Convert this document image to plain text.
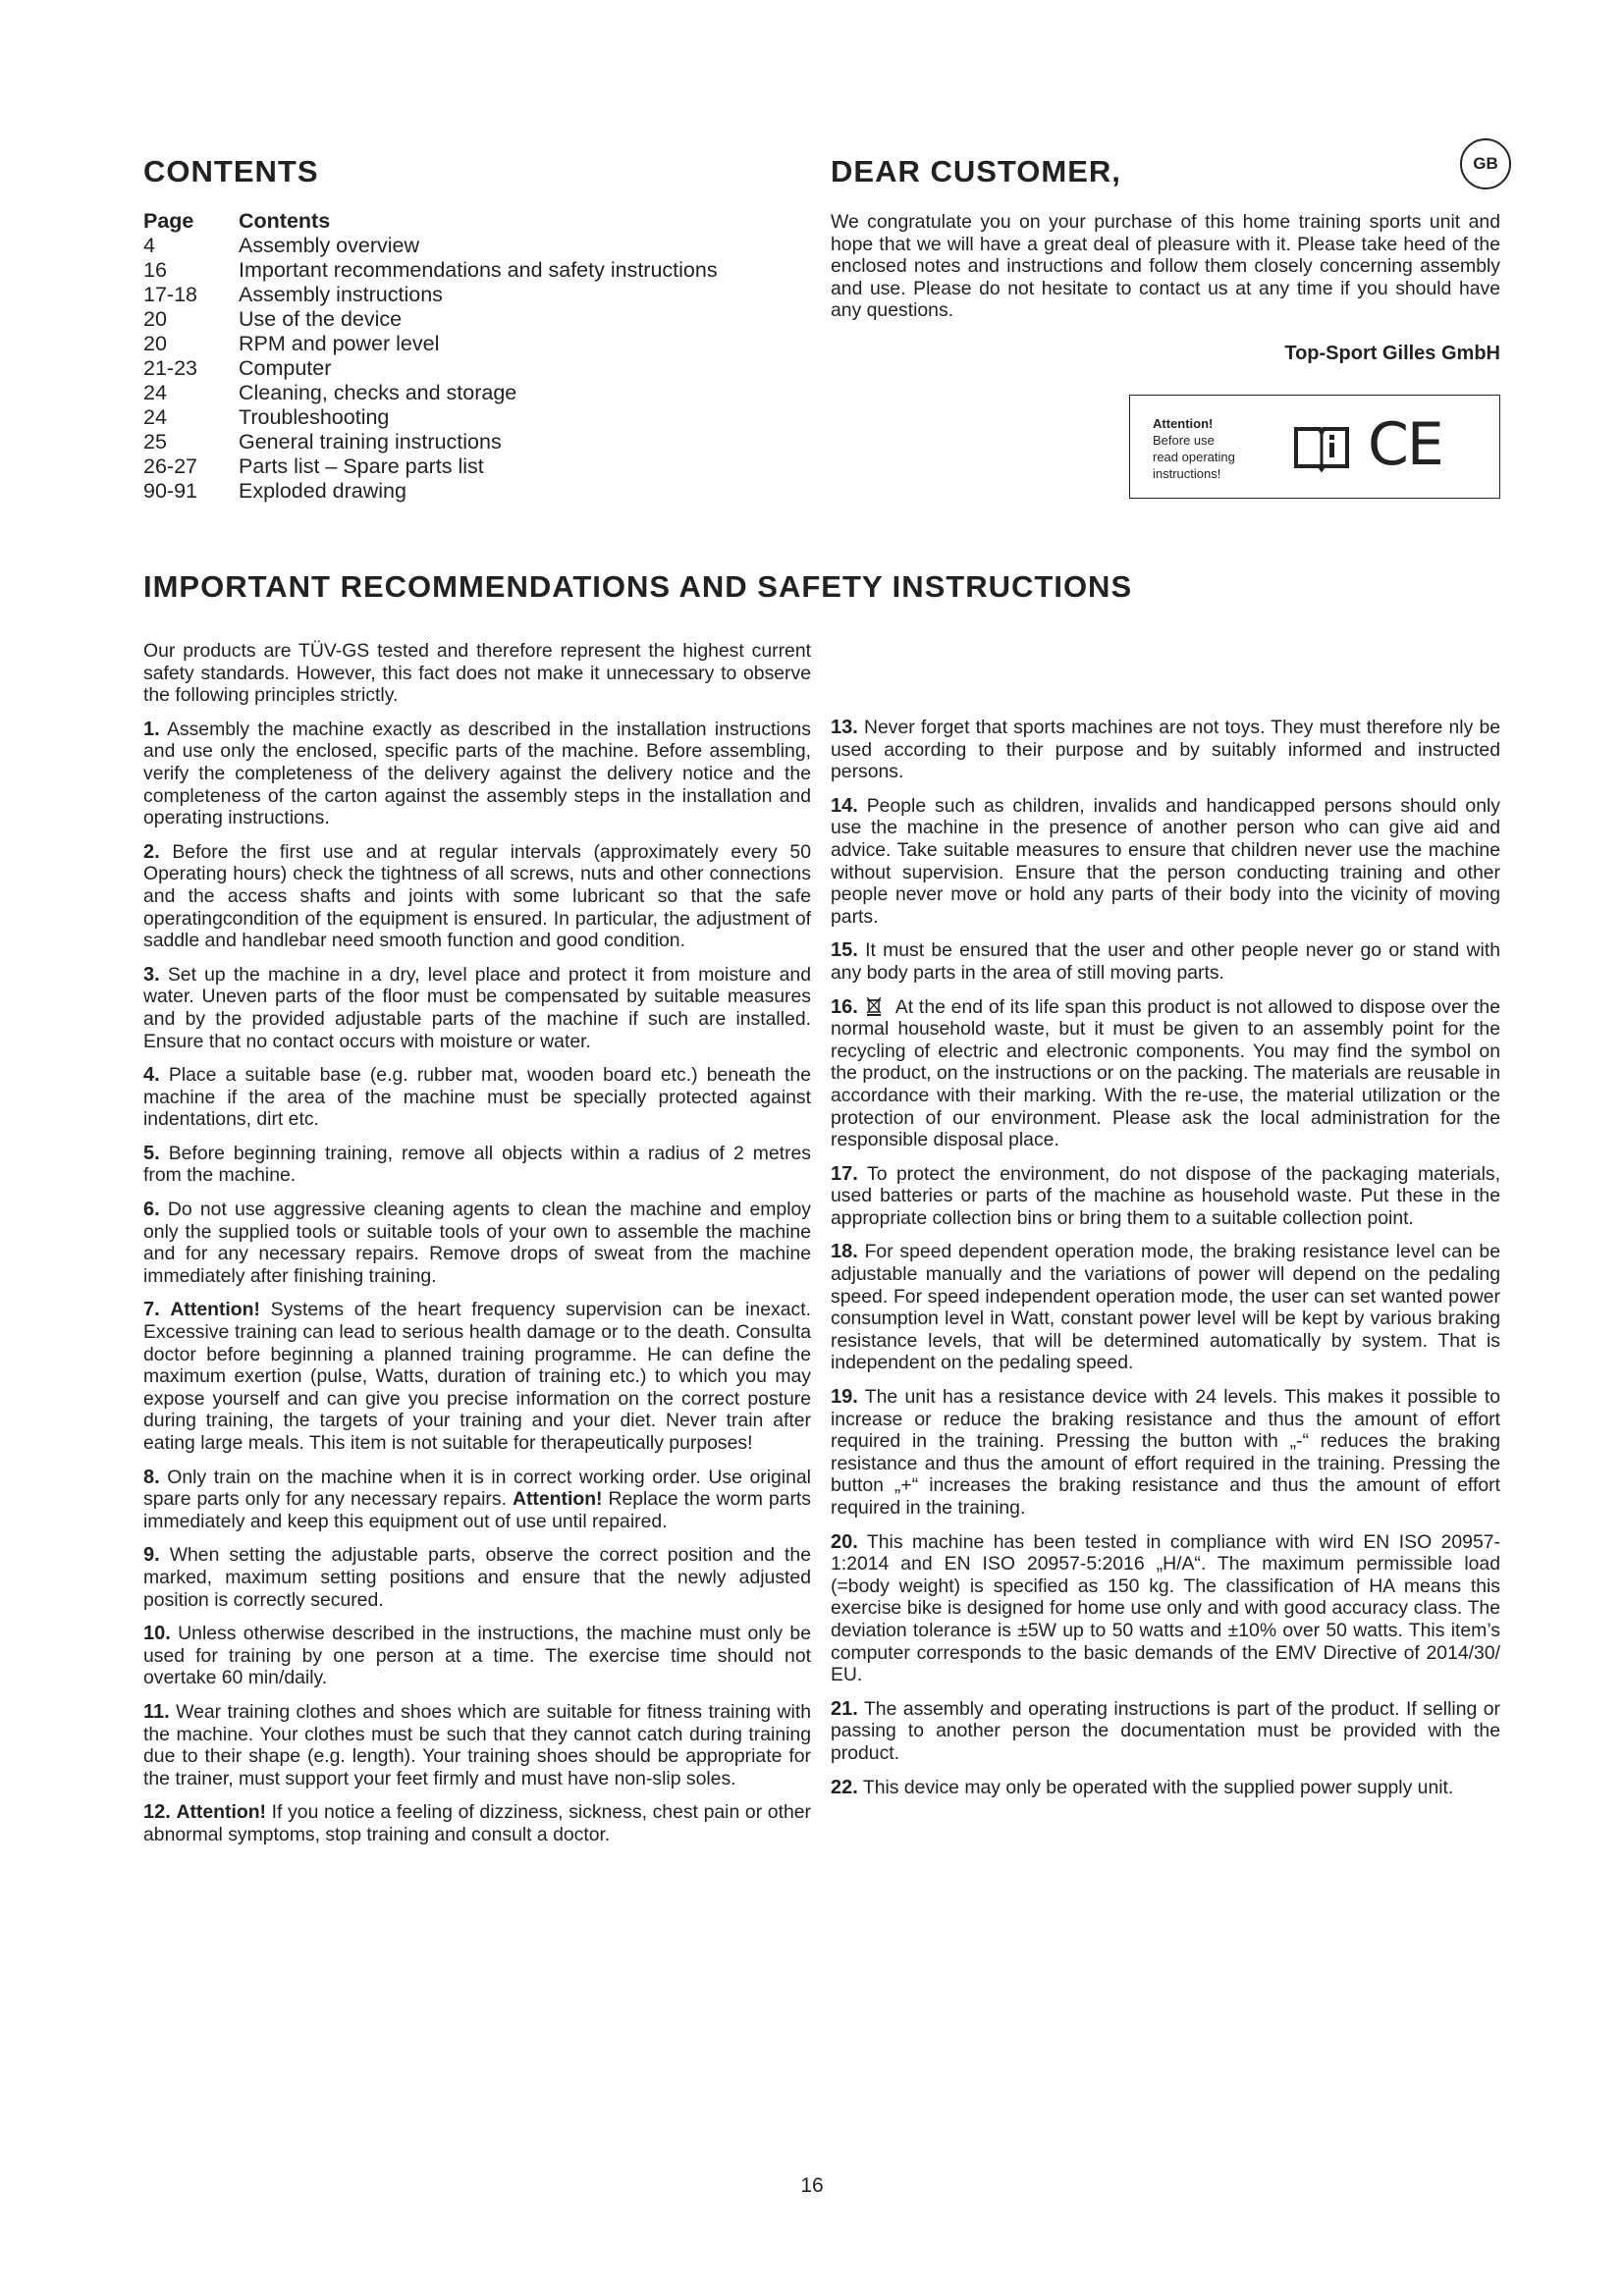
CONTENTS	DEAR CUSTOMER,	GB
Page	Contents
4	Assembly overview
16	Important recommendations and safety instructions
17-18	Assembly instructions
20	Use of the device
20	RPM and power level
21-23	Computer
24	Cleaning, checks and storage
24	Troubleshooting
25	General training instructions
26-27	Parts list – Spare parts list
90-91	Exploded drawing

We congratulate you on your purchase of this home training sports unit and hope that we will have a great deal of pleasure with it. Please take heed of the enclosed notes and instructions and follow them closely concerning assembly and use. Please do not hesitate to contact us at any time if you should have any questions.

Top-Sport Gilles GmbH
Attention!
Before use
read operating
instructions! CE
IMPORTANT RECOMMENDATIONS AND SAFETY INSTRUCTIONS

Our products are TÜV-GS tested and therefore represent the highest current safety standards. However, this fact does not make it unnecessary to observe the following principles strictly.

1. Assembly the machine exactly as described in the installation instructions and use only the enclosed, specific parts of the machine. Before assembling, verify the completeness of the delivery against the delivery notice and the completeness of the carton against the assembly steps in the installation and operating instructions.

2. Before the first use and at regular intervals (approximately every 50 Operating hours) check the tightness of all screws, nuts and other connections and the access shafts and joints with some lubricant so that the safe operatingcondition of the equipment is ensured. In particular, the adjustment of saddle and handlebar need smooth function and good condition.

3. Set up the machine in a dry, level place and protect it from moisture and water. Uneven parts of the floor must be compensated by suitable measures and by the provided adjustable parts of the machine if such are installed. Ensure that no contact occurs with moisture or water.

4. Place a suitable base (e.g. rubber mat, wooden board etc.) beneath the machine if the area of the machine must be specially protected against indentations, dirt etc.

5. Before beginning training, remove all objects within a radius of 2 metres from the machine.

6. Do not use aggressive cleaning agents to clean the machine and employ only the supplied tools or suitable tools of your own to assemble the machine and for any necessary repairs. Remove drops of sweat from the machine immediately after finishing training.

7. Attention! Systems of the heart frequency supervision can be inexact. Excessive training can lead to serious health damage or to the death. Consulta doctor before beginning a planned training programme. He can define the maximum exertion (pulse, Watts, duration of training etc.) to which you may expose yourself and can give you precise information on the correct posture during training, the targets of your training and your diet. Never train after eating large meals. This item is not suitable for therapeutically purposes!

8. Only train on the machine when it is in correct working order. Use original spare parts only for any necessary repairs. Attention! Replace the worm parts immediately and keep this equipment out of use until repaired.

9. When setting the adjustable parts, observe the correct position and the marked, maximum setting positions and ensure that the newly adjusted position is correctly secured.

10. Unless otherwise described in the instructions, the machine must only be used for training by one person at a time. The exercise time should not overtake 60 min/daily.

11. Wear training clothes and shoes which are suitable for fitness training with the machine. Your clothes must be such that they cannot catch during training due to their shape (e.g. length). Your training shoes should be appropriate for the trainer, must support your feet firmly and must have non-slip soles.

12. Attention! If you notice a feeling of dizziness, sickness, chest pain or other abnormal symptoms, stop training and consult a doctor.

13. Never forget that sports machines are not toys. They must therefore nly be used according to their purpose and by suitably informed and instructed persons.

14. People such as children, invalids and handicapped persons should only use the machine in the presence of another person who can give aid and advice. Take suitable measures to ensure that children never use the machine without supervision. Ensure that the person conducting training and other people never move or hold any parts of their body into the vicinity of moving parts.

15. It must be ensured that the user and other people never go or stand with any body parts in the area of still moving parts.

16. At the end of its life span this product is not allowed to dispose over the normal household waste, but it must be given to an assembly point for the recycling of electric and electronic components. You may find the symbol on the product, on the instructions or on the packing. The materials are reusable in accordance with their marking. With the re-use, the material utilization or the protection of our environment. Please ask the local administration for the responsible disposal place.

17. To protect the environment, do not dispose of the packaging materials, used batteries or parts of the machine as household waste. Put these in the appropriate collection bins or bring them to a suitable collection point.

18. For speed dependent operation mode, the braking resistance level can be adjustable manually and the variations of power will depend on the pedaling speed. For speed independent operation mode, the user can set wanted power consumption level in Watt, constant power level will be kept by various braking resistance levels, that will be determined automatically by system. That is independent on the pedaling speed.

19. The unit has a resistance device with 24 levels. This makes it possible to increase or reduce the braking resistance and thus the amount of effort required in the training. Pressing the button with „-“ reduces the braking resistance and thus the amount of effort required in the training. Pressing the button „+“ increases the braking resistance and thus the amount of effort required in the training.

20. This machine has been tested in compliance with wird EN ISO 20957-1:2014 and EN ISO 20957-5:2016 „H/A“. The maximum permissible load (=body weight) is specified as 150 kg. The classification of HA means this exercise bike is designed for home use only and with good accuracy class. The deviation tolerance is ±5W up to 50 watts and ±10% over 50 watts. This item’s computer corresponds to the basic demands of the EMV Directive of 2014/30/ EU.

21. The assembly and operating instructions is part of the product. If selling or passing to another person the documentation must be provided with the product.

22. This device may only be operated with the supplied power supply unit.

16
